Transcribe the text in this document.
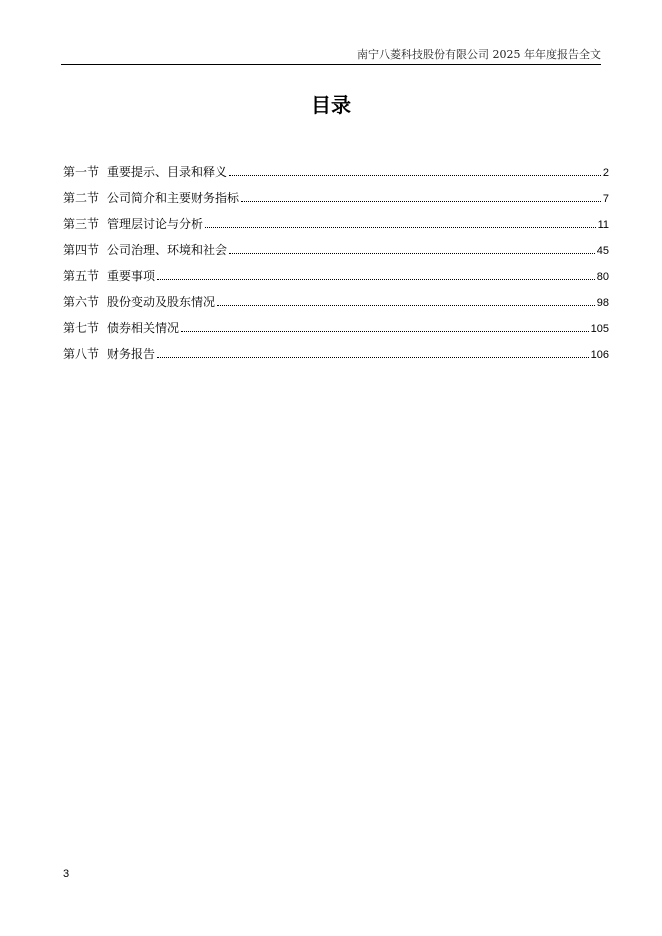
南宁八菱科技股份有限公司 2025 年年度报告全文
目录
第一节 重要提示、目录和释义	2
第二节 公司简介和主要财务指标	7
第三节 管理层讨论与分析	11
第四节 公司治理、环境和社会	45
第五节 重要事项	80
第六节 股份变动及股东情况	98
第七节 债券相关情况	105
第八节 财务报告	106
3
